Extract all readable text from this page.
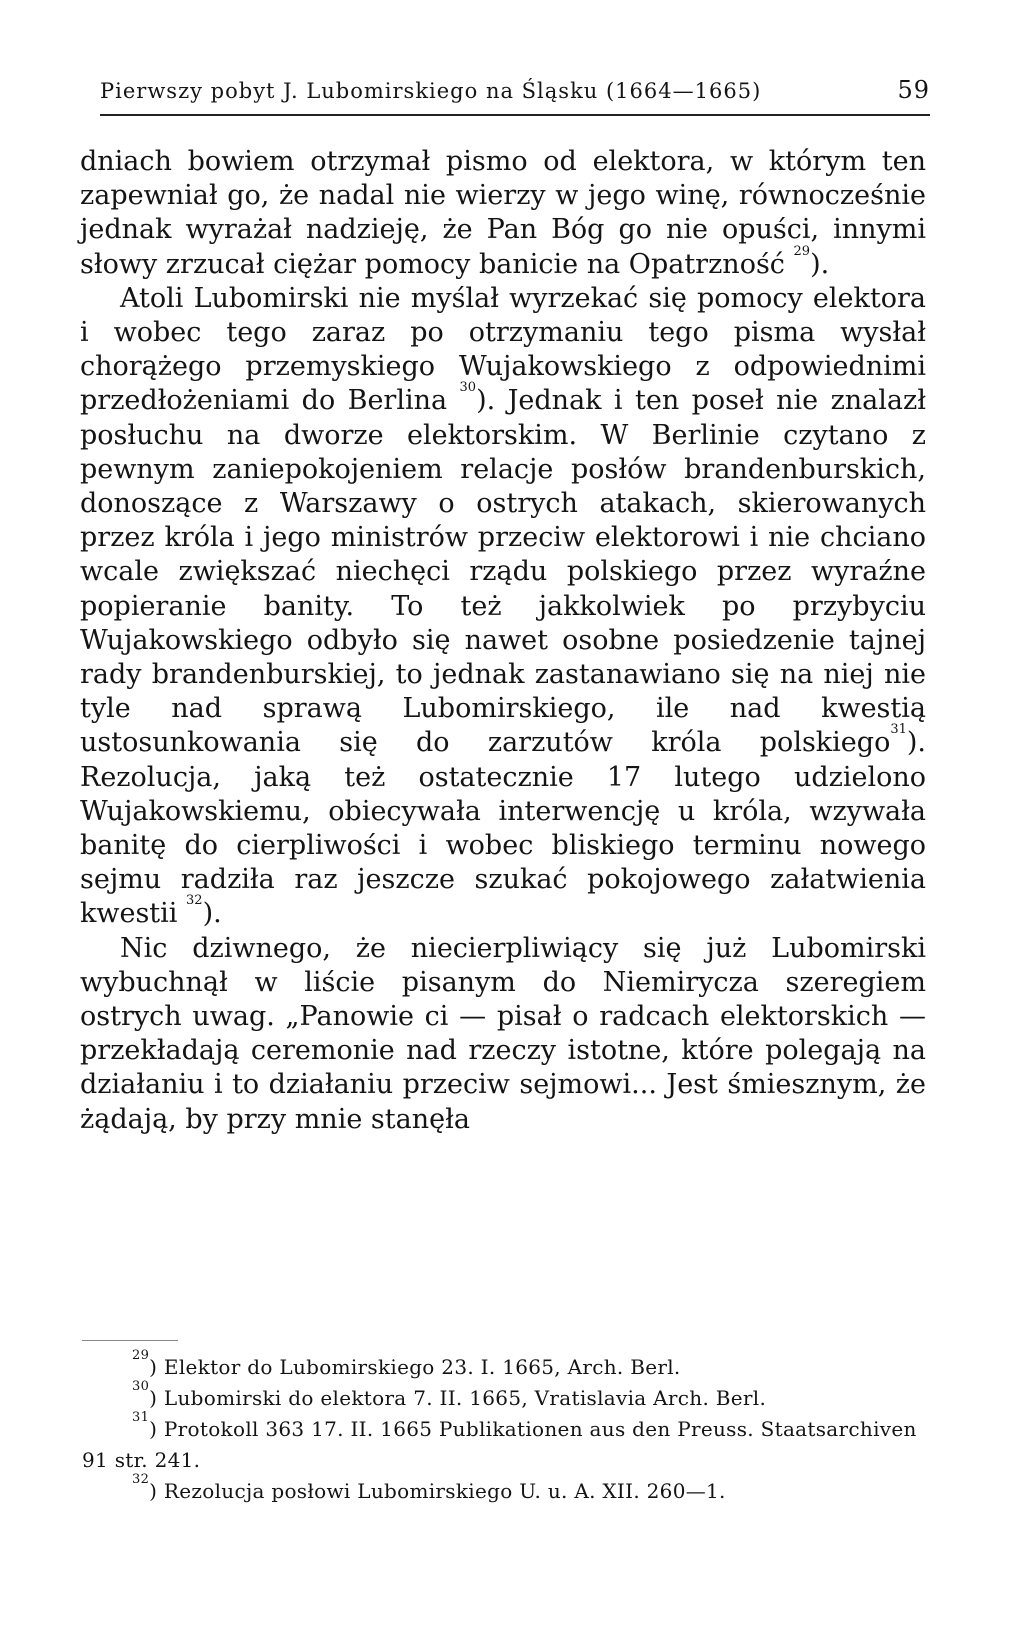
Pierwszy pobyt J. Lubomirskiego na Śląsku (1664—1665)	59

dniach bowiem otrzymał pismo od elektora, w którym ten zapewniał go, że nadal nie wierzy w jego winę, równocześnie jednak wyrażał nadzieję, że Pan Bóg go nie opuści, innymi słowy zrzucał ciężar pomocy banicie na Opatrzność $^{29}$).

Atoli Lubomirski nie myślał wyrzekać się pomocy elektora i wobec tego zaraz po otrzymaniu tego pisma wysłał chorążego przemyskiego Wujakowskiego z odpowiednimi przedłożeniami do Berlina $^{30}$). Jednak i ten poseł nie znalazł posłuchu na dworze elektorskim. W Berlinie czytano z pewnym zaniepokojeniem relacje posłów brandenburskich, donoszące z Warszawy o ostrych atakach, skierowanych przez króla i jego ministrów przeciw elektorowi i nie chciano wcale zwiększać niechęci rządu polskiego przez wyraźne popieranie banity. To też jakkolwiek po przybyciu Wujakowskiego odbyło się nawet osobne posiedzenie tajnej rady brandenburskiej, to jednak zastanawiano się na niej nie tyle nad sprawą Lubomirskiego, ile nad kwestią ustosunkowania się do zarzutów króla polskiego$^{31}$). Rezolucja, jaką też ostatecznie 17 lutego udzielono Wujakowskiemu, obiecywała interwencję u króla, wzywała banitę do cierpliwości i wobec bliskiego terminu nowego sejmu radziła raz jeszcze szukać pokojowego załatwienia kwestii $^{32}$).

Nic dziwnego, że niecierpliwiący się już Lubomirski wybuchnął w liście pisanym do Niemirycza szeregiem ostrych uwag. „Panowie ci — pisał o radcach elektorskich — przekładają ceremonie nad rzeczy istotne, które polegają na działaniu i to działaniu przeciw sejmowi... Jest śmiesznym, że żądają, by przy mnie stanęła

$^{29}$) Elektor do Lubomirskiego 23. I. 1665, Arch. Berl.

$^{30}$) Lubomirski do elektora 7. II. 1665, Vratislavia Arch. Berl.

$^{31}$) Protokoll 363 17. II. 1665 Publikationen aus den Preuss. Staatsarchiven 91 str. 241.

$^{32}$) Rezolucja posłowi Lubomirskiego U. u. A. XII. 260—1.
